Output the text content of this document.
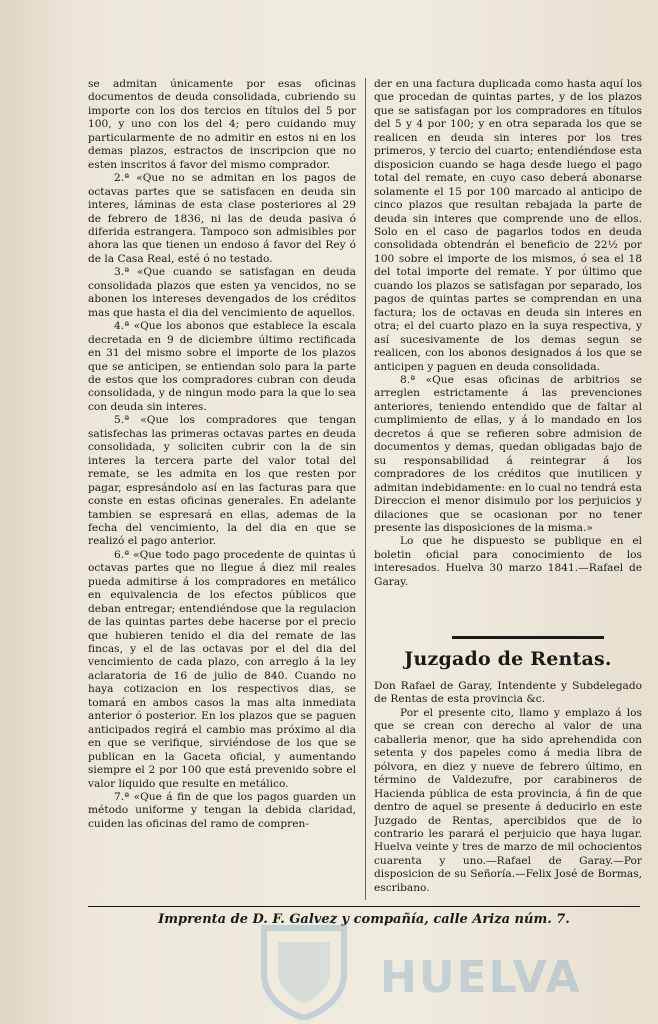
se admitan únicamente por esas oficinas documentos de deuda consolidada, cubriendo su importe con los dos tercios en títulos del 5 por 100, y uno con los del 4; pero cuidando muy particularmente de no admitir en estos ni en los demas plazos, estractos de inscripcion que no esten inscritos á favor del mismo comprador.

2.ª «Que no se admitan en los pagos de octavas partes que se satisfacen en deuda sin interes, láminas de esta clase posteriores al 29 de febrero de 1836, ni las de deuda pasiva ó diferida estrangera. Tampoco son admisibles por ahora las que tienen un endoso á favor del Rey ó de la Casa Real, esté ó no testado.

3.ª «Que cuando se satisfagan en deuda consolidada plazos que esten ya vencidos, no se abonen los intereses devengados de los créditos mas que hasta el dia del vencimiento de aquellos.

4.ª «Que los abonos que establece la escala decretada en 9 de diciembre último rectificada en 31 del mismo sobre el importe de los plazos que se anticipen, se entiendan solo para la parte de estos que los compradores cubran con deuda consolidada, y de ningun modo para la que lo sea con deuda sin interes.

5.ª «Que los compradores que tengan satisfechas las primeras octavas partes en deuda consolidada, y soliciten cubrir con la de sin interes la tercera parte del valor total del remate, se les admita en los que resten por pagar, espresándolo así en las facturas para que conste en estas oficinas generales. En adelante tambien se espresará en ellas, ademas de la fecha del vencimiento, la del dia en que se realizó el pago anterior.

6.ª «Que todo pago procedente de quintas ú octavas partes que no llegue á diez mil reales pueda admitirse á los compradores en metálico en equivalencia de los efectos públicos que deban entregar; entendiéndose que la regulacion de las quintas partes debe hacerse por el precio que hubieren tenido el dia del remate de las fincas, y el de las octavas por el del dia del vencimiento de cada plazo, con arreglo á la ley aclaratoria de 16 de julio de 840. Cuando no haya cotizacion en los respectivos dias, se tomará en ambos casos la mas alta inmediata anterior ó posterior. En los plazos que se paguen anticipados regirá el cambio mas próximo al dia en que se verifique, sirviéndose de los que se publican en la Gaceta oficial, y aumentando siempre el 2 por 100 que está prevenido sobre el valor liquido que resulte en metálico.

7.ª «Que á fin de que los pagos guarden un método uniforme y tengan la debida claridad, cuiden las oficinas del ramo de compren-

der en una factura duplicada como hasta aquí los que procedan de quintas partes, y de los plazos que se satisfagan por los compradores en títulos del 5 y 4 por 100; y en otra separada los que se realicen en deuda sin interes por los tres primeros, y tercio del cuarto; entendiéndose esta disposicion cuando se haga desde luego el pago total del remate, en cuyo caso deberá abonarse solamente el 15 por 100 marcado al anticipo de cinco plazos que resultan rebajada la parte de deuda sin interes que comprende uno de ellos. Solo en el caso de pagarlos todos en deuda consolidada obtendrán el beneficio de 22½ por 100 sobre el importe de los mismos, ó sea el 18 del total importe del remate. Y por último que cuando los plazos se satisfagan por separado, los pagos de quintas partes se comprendan en una factura; los de octavas en deuda sin interes en otra; el del cuarto plazo en la suya respectiva, y así sucesivamente de los demas segun se realicen, con los abonos designados á los que se anticipen y paguen en deuda consolidada.

8.ª «Que esas oficinas de arbitrios se arreglen estrictamente á las prevenciones anteriores, teniendo entendido que de faltar al cumplimiento de ellas, y á lo mandado en los decretos á que se refieren sobre admision de documentos y demas, quedan obligadas bajo de su responsabilidad á reintegrar á los compradores de los créditos que inutilicen y admitan indebidamente: en lo cual no tendrá esta Direccion el menor disimulo por los perjuicios y dilaciones que se ocasionan por no tener presente las disposiciones de la misma.»

Lo que he dispuesto se publique en el boletin oficial para conocimiento de los interesados. Huelva 30 marzo 1841.—Rafael de Garay.

Juzgado de Rentas.

Don Rafael de Garay, Intendente y Subdelegado de Rentas de esta provincia &c.

Por el presente cito, llamo y emplazo á los que se crean con derecho al valor de una caballeria menor, que ha sido aprehendida con setenta y dos papeles como á media libra de pólvora, en diez y nueve de febrero último, en término de Valdezufre, por carabineros de Hacienda pública de esta provincia, á fin de que dentro de aquel se presente á deducirlo en este Juzgado de Rentas, apercibidos que de lo contrario les parará el perjuicio que haya lugar. Huelva veinte y tres de marzo de mil ochocientos cuarenta y uno.—Rafael de Garay.—Por disposicion de su Señoría.—Felix José de Bormas, escribano.

Imprenta de D. F. Galvez y compañía, calle Ariza núm. 7.
HUELVA
